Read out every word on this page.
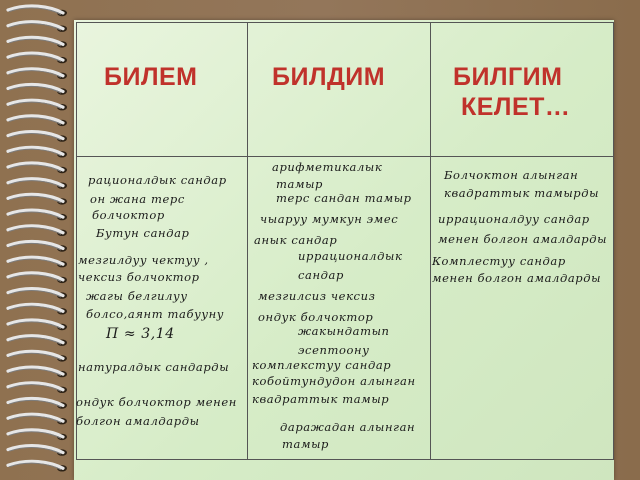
БИЛЕМ	БИЛДИМ	БИЛГИМ
КЕЛЕТ…
рационалдык сандар
он жана терс
болчоктор
Бутун сандар
мезгилдуу чектуу ,
чексиз болчоктор
жагы белгилуу
болсо,аянт табууну
П ≈ 3,14
натуралдык сандарды
ондук болчоктор менен
болгон амалдарды
арифметикалык
тамыр
терс сандан тамыр
чыаруу мумкун эмес
анык сандар
иррационалдык
сандар
мезгилсиз чексиз
ондук болчоктор
жакындатып
эсептоону
комплекстуу сандар
кобойтундудон алынган
квадраттык тамыр
даражадан алынган
тамыр
Болчоктон алынган
квадраттык тамырды
иррационалдуу сандар
менен болгон амалдарды
Комплестуу сандар
менен болгон амалдарды
